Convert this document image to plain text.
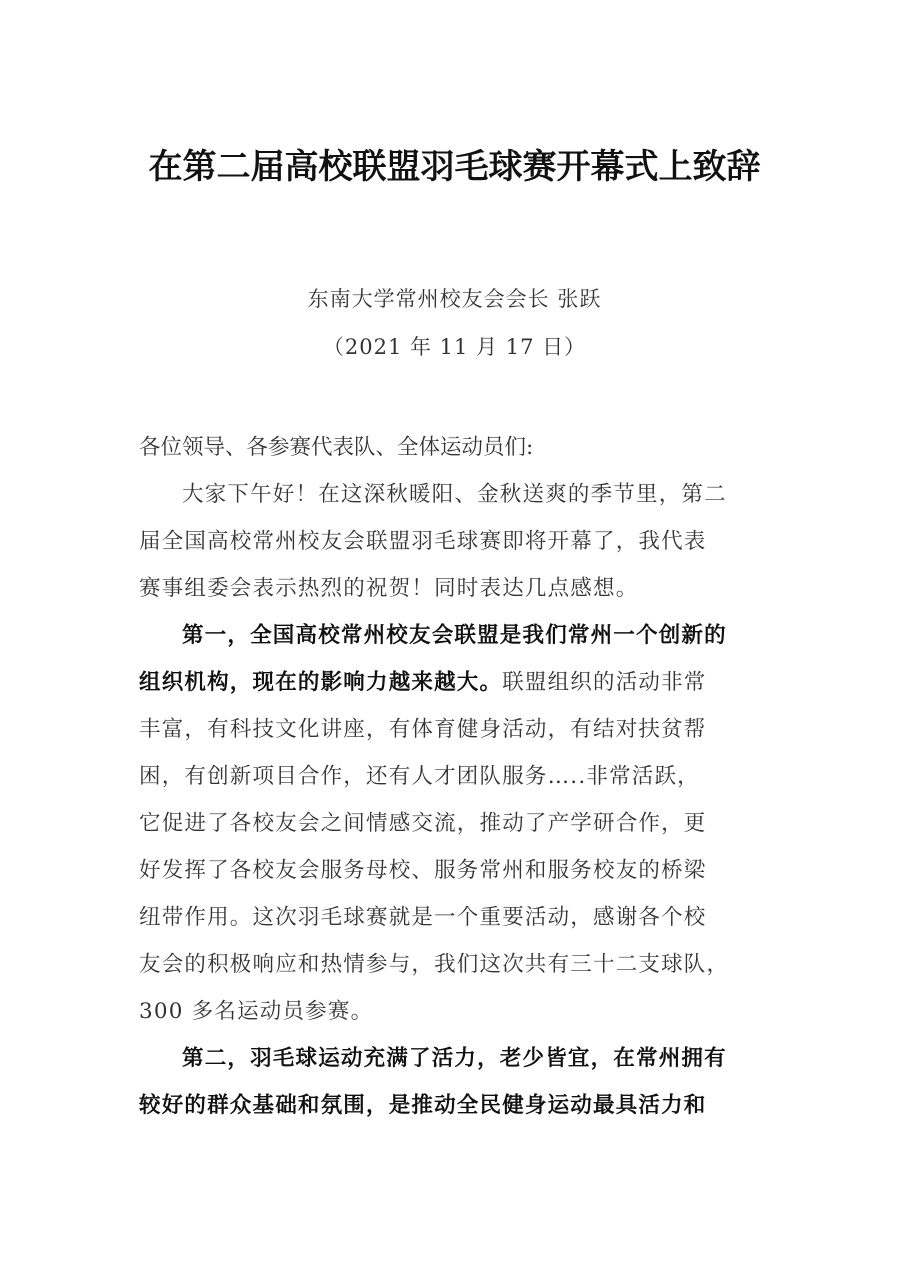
在第二届高校联盟羽毛球赛开幕式上致辞
东南大学常州校友会会长 张跃
（2021 年 11 月 17 日）

各位领导、各参赛代表队、全体运动员们:

大家下午好！在这深秋暖阳、金秋送爽的季节里，第二
届全国高校常州校友会联盟羽毛球赛即将开幕了，我代表
赛事组委会表示热烈的祝贺！同时表达几点感想。

第一，全国高校常州校友会联盟是我们常州一个创新的
组织机构，现在的影响力越来越大。联盟组织的活动非常
丰富，有科技文化讲座，有体育健身活动，有结对扶贫帮
困，有创新项目合作，还有人才团队服务…..非常活跃，
它促进了各校友会之间情感交流，推动了产学研合作，更
好发挥了各校友会服务母校、服务常州和服务校友的桥梁
纽带作用。这次羽毛球赛就是一个重要活动，感谢各个校
友会的积极响应和热情参与，我们这次共有三十二支球队，
300 多名运动员参赛。

第二，羽毛球运动充满了活力，老少皆宜，在常州拥有
较好的群众基础和氛围，是推动全民健身运动最具活力和
